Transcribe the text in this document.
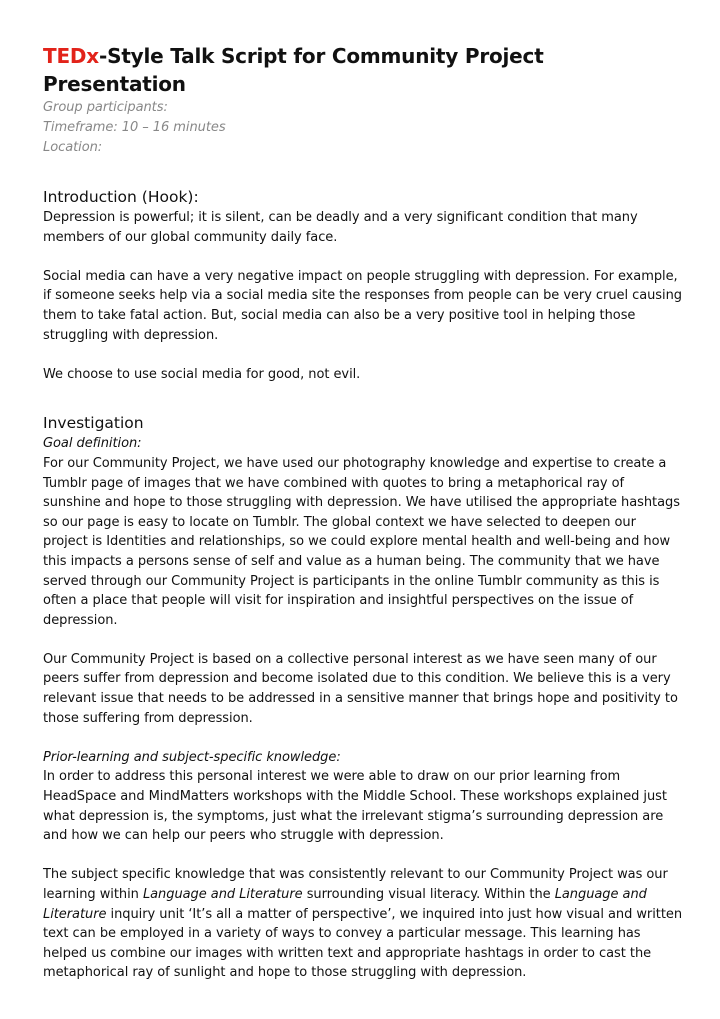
TEDx-Style Talk Script for Community Project Presentation

Group participants:

Timeframe: 10 – 16 minutes

Location:

Introduction (Hook):

Depression is powerful; it is silent, can be deadly and a very significant condition that many members of our global community daily face.

Social media can have a very negative impact on people struggling with depression. For example, if someone seeks help via a social media site the responses from people can be very cruel causing them to take fatal action. But, social media can also be a very positive tool in helping those struggling with depression.

We choose to use social media for good, not evil.

Investigation

Goal definition:

For our Community Project, we have used our photography knowledge and expertise to create a Tumblr page of images that we have combined with quotes to bring a metaphorical ray of sunshine and hope to those struggling with depression. We have utilised the appropriate hashtags so our page is easy to locate on Tumblr. The global context we have selected to deepen our project is Identities and relationships, so we could explore mental health and well-being and how this impacts a persons sense of self and value as a human being. The community that we have served through our Community Project is participants in the online Tumblr community as this is often a place that people will visit for inspiration and insightful perspectives on the issue of depression.

Our Community Project is based on a collective personal interest as we have seen many of our peers suffer from depression and become isolated due to this condition. We believe this is a very relevant issue that needs to be addressed in a sensitive manner that brings hope and positivity to those suffering from depression.

Prior-learning and subject-specific knowledge:

In order to address this personal interest we were able to draw on our prior learning from HeadSpace and MindMatters workshops with the Middle School. These workshops explained just what depression is, the symptoms, just what the irrelevant stigma’s surrounding depression are and how we can help our peers who struggle with depression.

The subject specific knowledge that was consistently relevant to our Community Project was our learning within Language and Literature surrounding visual literacy. Within the Language and Literature inquiry unit ‘It’s all a matter of perspective’, we inquired into just how visual and written text can be employed in a variety of ways to convey a particular message. This learning has helped us combine our images with written text and appropriate hashtags in order to cast the metaphorical ray of sunlight and hope to those struggling with depression.
